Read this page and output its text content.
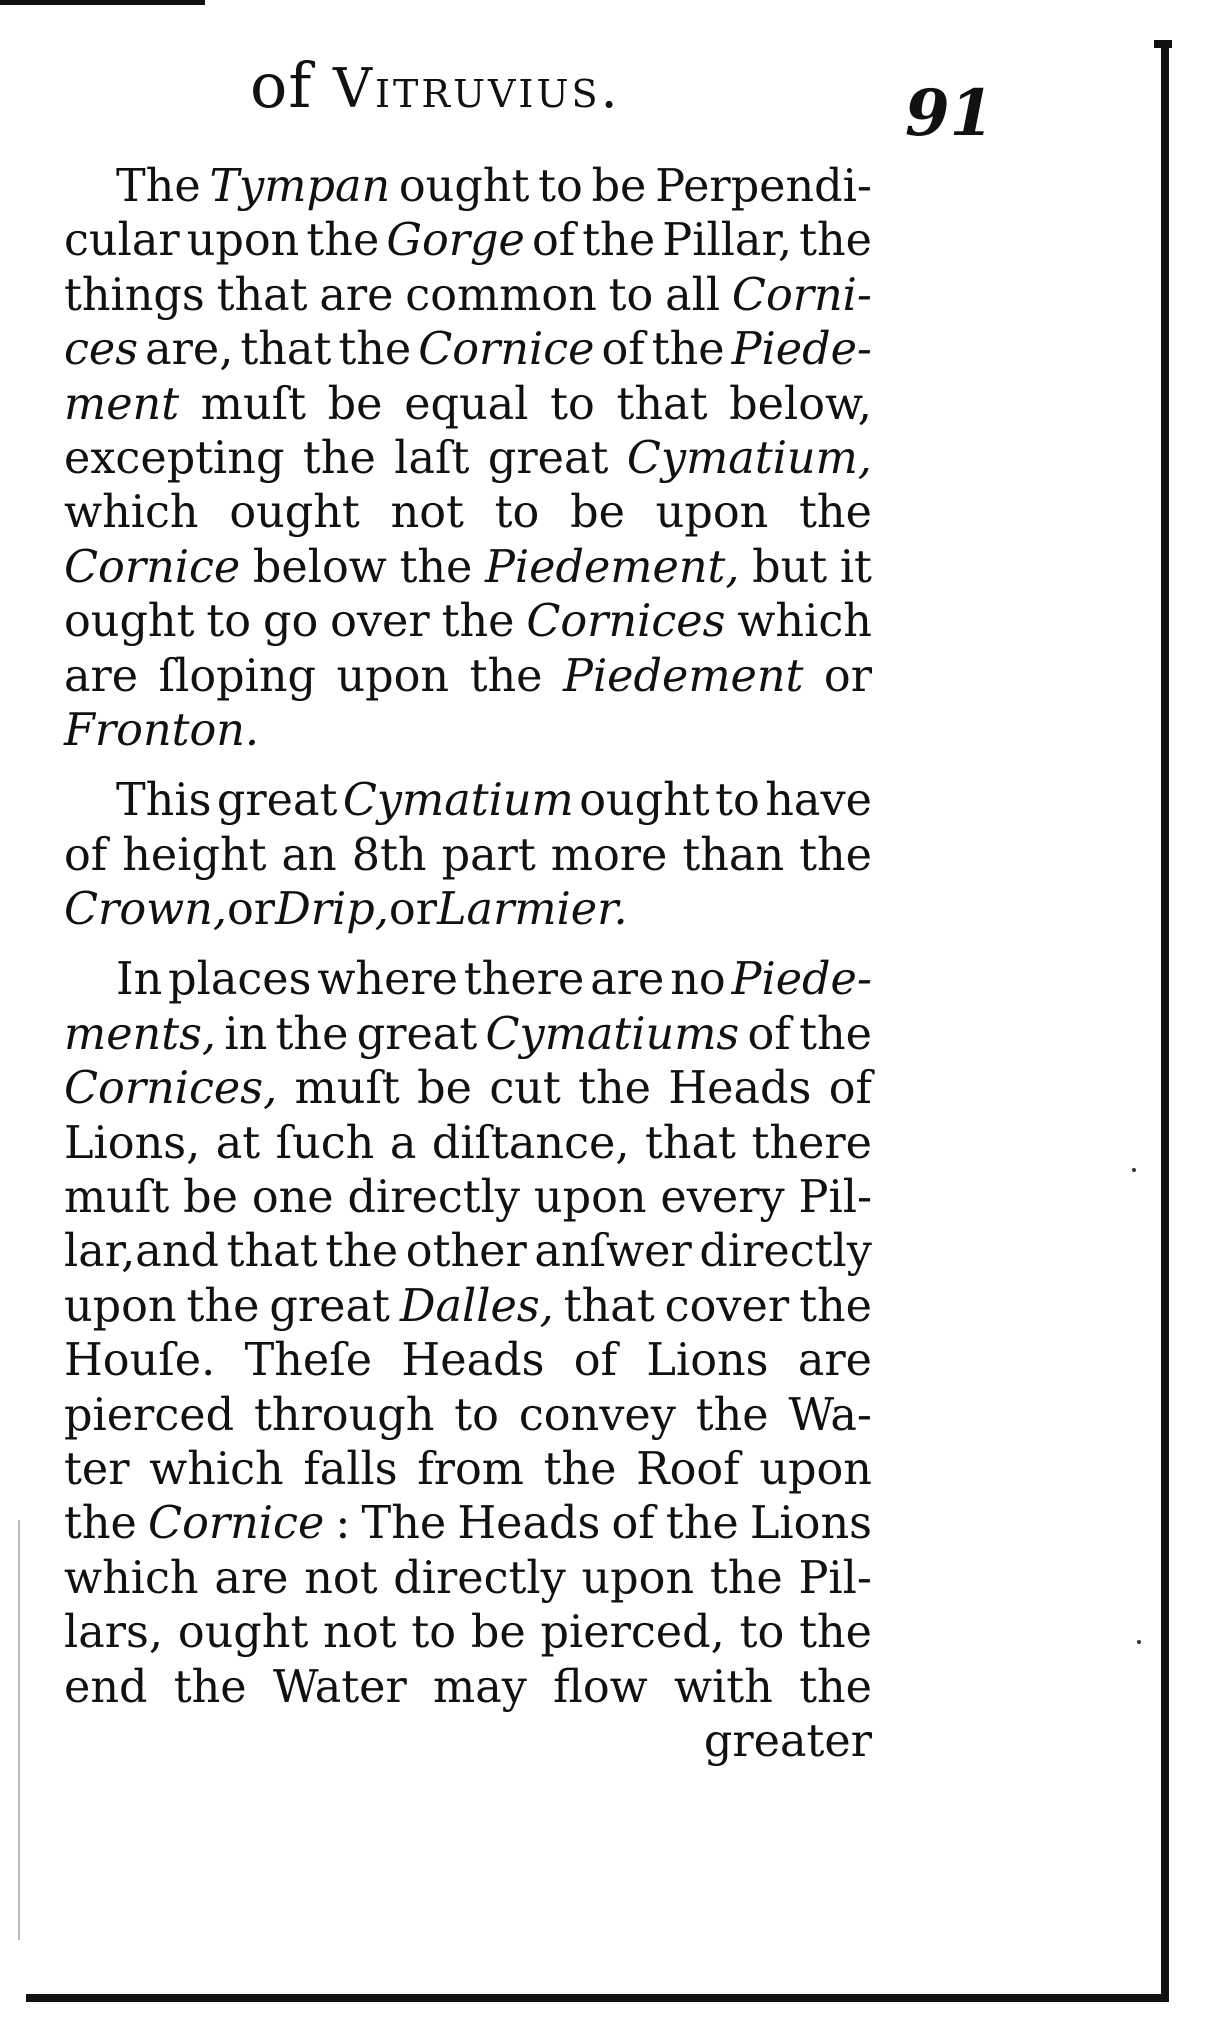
of Vitruvius.	91
The Tympan ought to be Perpendi-
cular upon the Gorge of the Pillar, the
things that are common to all Corni-
ces are, that the Cornice of the Piede-
ment muſt be equal to that below,
excepting the laſt great Cymatium,
which ought not to be upon the
Cornice below the Piedement, but it
ought to go over the Cornices which
are ſloping upon the Piedement or
Fronton.
This great Cymatium ought to have
of height an 8th part more than the
Crown, or Drip, or Larmier.
In places where there are no Piede-
ments, in the great Cymatiums of the
Cornices, muſt be cut the Heads of
Lions, at ſuch a diſtance, that there
muſt be one directly upon every Pil-
lar,and that the other anſwer directly
upon the great Dalles, that cover the
Houſe. Theſe Heads of Lions are
pierced through to convey the Wa-
ter which falls from the Roof upon
the Cornice : The Heads of the Lions
which are not directly upon the Pil-
lars, ought not to be pierced, to the
end the Water may flow with the
greater
